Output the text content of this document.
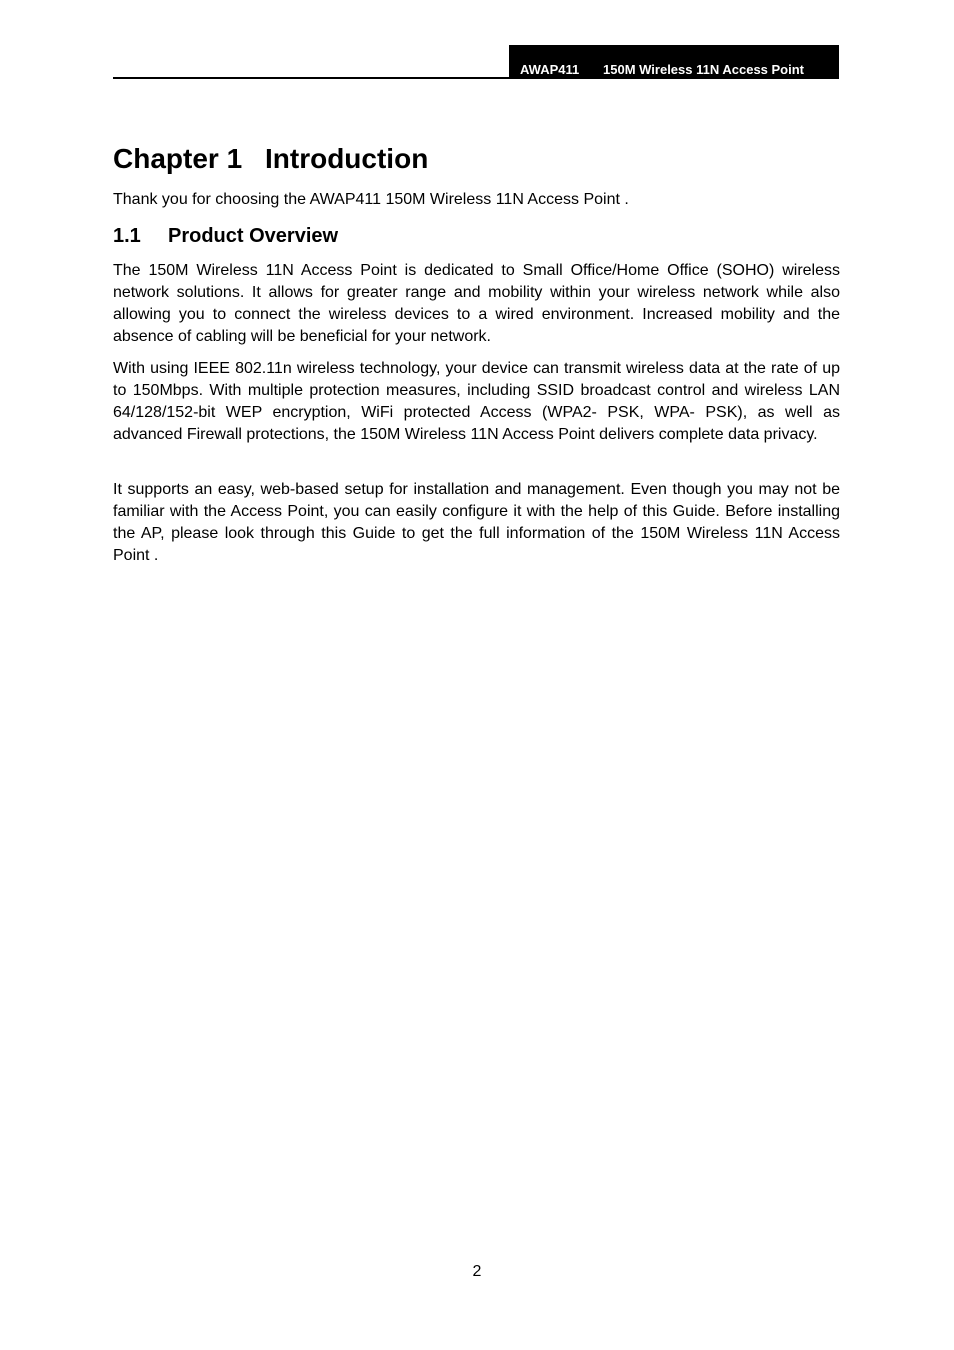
AWAP411 150M Wireless 11N Access Point
Chapter 1 Introduction

Thank you for choosing the AWAP411 150M Wireless 11N Access Point .

1.1 Product Overview

The 150M Wireless 11N Access Point is dedicated to Small Office/Home Office (SOHO) wireless network solutions. It allows for greater range and mobility within your wireless network while also allowing you to connect the wireless devices to a wired environment. Increased mobility and the absence of cabling will be beneficial for your network.

With using IEEE 802.11n wireless technology, your device can transmit wireless data at the rate of up to 150Mbps. With multiple protection measures, including SSID broadcast control and wireless LAN 64/128/152-bit WEP encryption, WiFi protected Access (WPA2- PSK, WPA- PSK), as well as advanced Firewall protections, the 150M Wireless 11N Access Point delivers complete data privacy.

It supports an easy, web-based setup for installation and management. Even though you may not be familiar with the Access Point, you can easily configure it with the help of this Guide. Before installing the AP, please look through this Guide to get the full information of the 150M Wireless 11N Access Point .

2
